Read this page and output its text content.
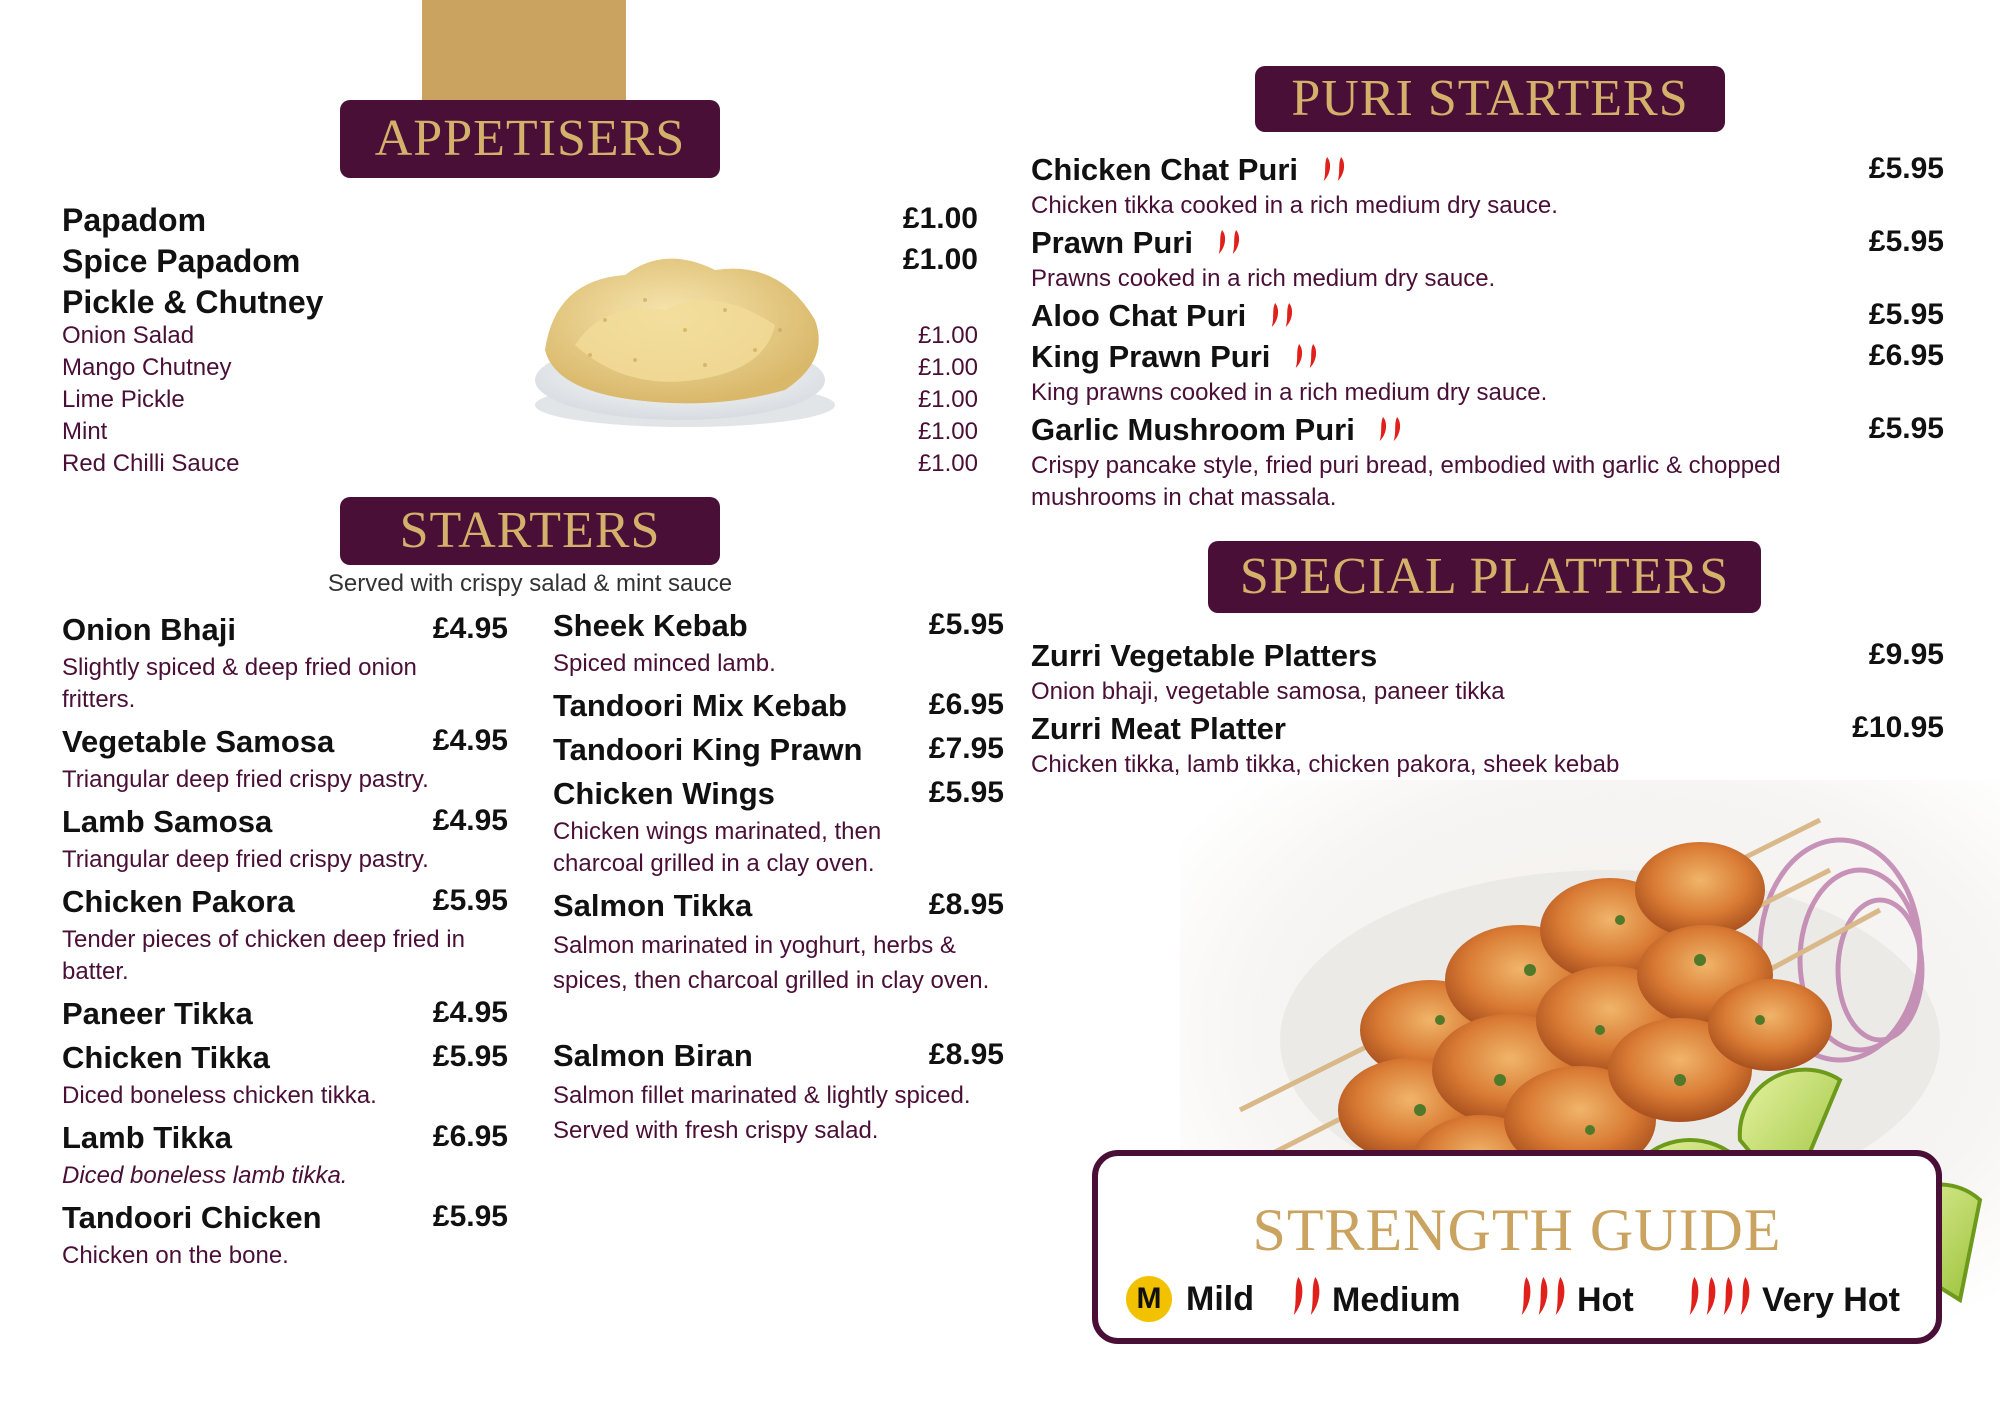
APPETISERS
Papadom	£1.00
Spice Papadom	£1.00
Pickle & Chutney
Onion Salad	£1.00
Mango Chutney	£1.00
Lime Pickle	£1.00
Mint	£1.00
Red Chilli Sauce	£1.00
STARTERS
Served with crispy salad & mint sauce
Onion Bhaji	£4.95
Slightly spiced & deep fried onion fritters.
Vegetable Samosa	£4.95
Triangular deep fried crispy pastry.
Lamb Samosa	£4.95
Triangular deep fried crispy pastry.
Chicken Pakora	£5.95
Tender pieces of chicken deep fried in batter.
Paneer Tikka	£4.95
Chicken Tikka	£5.95
Diced boneless chicken tikka.
Lamb Tikka	£6.95
Diced boneless lamb tikka.
Tandoori Chicken	£5.95
Chicken on the bone.
Sheek Kebab	£5.95
Spiced minced lamb.
Tandoori Mix Kebab	£6.95
Tandoori King Prawn	£7.95
Chicken Wings	£5.95
Chicken wings marinated, then charcoal grilled in a clay oven.
Salmon Tikka	£8.95
Salmon marinated in yoghurt, herbs & spices, then charcoal grilled in clay oven.
Salmon Biran	£8.95
Salmon fillet marinated & lightly spiced. Served with fresh crispy salad.
PURI STARTERS
Chicken Chat Puri	£5.95
Chicken tikka cooked in a rich medium dry sauce.
Prawn Puri	£5.95
Prawns cooked in a rich medium dry sauce.
Aloo Chat Puri	£5.95
King Prawn Puri	£6.95
King prawns cooked in a rich medium dry sauce.
Garlic Mushroom Puri	£5.95
Crispy pancake style, fried puri bread, embodied with garlic & chopped mushrooms in chat massala.
SPECIAL PLATTERS
Zurri Vegetable Platters	£9.95
Onion bhaji, vegetable samosa, paneer tikka
Zurri Meat Platter	£10.95
Chicken tikka, lamb tikka, chicken pakora, sheek kebab
STRENGTH GUIDE
M Mild Medium	Hot	Very Hot
